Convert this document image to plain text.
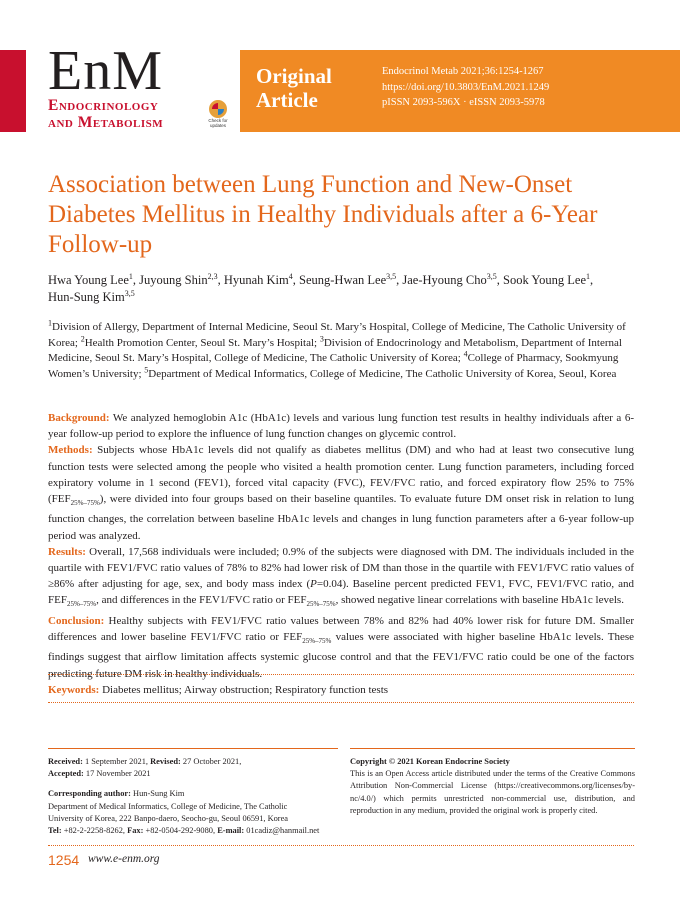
EnM
Endocrinology
and Metabolism	Check for updates
Original
Article
Endocrinol Metab 2021;36:1254-1267
https://doi.org/10.3803/EnM.2021.1249
pISSN 2093-596X · eISSN 2093-5978
Association between Lung Function and New-Onset Diabetes Mellitus in Healthy Individuals after a 6-Year Follow-up
Hwa Young Lee$^1$, Juyoung Shin$^{2,3}$, Hyunah Kim$^4$, Seung-Hwan Lee$^{3,5}$, Jae-Hyoung Cho$^{3,5}$, Sook Young Lee$^1$,
Hun-Sung Kim$^{3,5}$
$^1$Division of Allergy, Department of Internal Medicine, Seoul St. Mary’s Hospital, College of Medicine, The Catholic University of Korea; $^2$Health Promotion Center, Seoul St. Mary’s Hospital; $^3$Division of Endocrinology and Metabolism, Department of Internal Medicine, Seoul St. Mary’s Hospital, College of Medicine, The Catholic University of Korea; $^4$College of Pharmacy, Sookmyung Women’s University; $^5$Department of Medical Informatics, College of Medicine, The Catholic University of Korea, Seoul, Korea

Background: We analyzed hemoglobin A1c (HbA1c) levels and various lung function test results in healthy individuals after a 6-year follow-up period to explore the influence of lung function changes on glycemic control.

Methods: Subjects whose HbA1c levels did not qualify as diabetes mellitus (DM) and who had at least two consecutive lung function tests were selected among the people who visited a health promotion center. Lung function parameters, including forced expiratory volume in 1 second (FEV1), forced vital capacity (FVC), FEV/FVC ratio, and forced expiratory flow 25% to 75% $(FEF_{25\%-75\%})$, were divided into four groups based on their baseline quantiles. To evaluate future DM onset risk in relation to lung function changes, the correlation between baseline HbA1c levels and changes in lung function parameters after a 6-year follow-up period was analyzed.

Results: Overall, 17,568 individuals were included; 0.9% of the subjects were diagnosed with DM. The individuals included in the quartile with FEV1/FVC ratio values of 78% to 82% had lower risk of DM than those in the quartile with FEV1/FVC ratio values of ≥86% after adjusting for age, sex, and body mass index (P=0.04). Baseline percent predicted FEV1, FVC, FEV1/FVC ratio, and $FEF_{25\%-75\%}$, and differences in the FEV1/FVC ratio or $FEF_{25\%-75\%}$, showed negative linear correlations with baseline HbA1c levels.

Conclusion: Healthy subjects with FEV1/FVC ratio values between 78% and 82% had 40% lower risk for future DM. Smaller differences and lower baseline FEV1/FVC ratio or $FEF_{25\%-75\%}$ values were associated with higher baseline HbA1c levels. These findings suggest that airflow limitation affects systemic glucose control and that the FEV1/FVC ratio could be one of the factors predicting future DM risk in healthy individuals.

Keywords: Diabetes mellitus; Airway obstruction; Respiratory function tests

Received: 1 September 2021, Revised: 27 October 2021,

Accepted: 17 November 2021

Corresponding author: Hun-Sung Kim

Department of Medical Informatics, College of Medicine, The Catholic

University of Korea, 222 Banpo-daero, Seocho-gu, Seoul 06591, Korea

Tel: +82-2-2258-8262, Fax: +82-0504-292-9080, E-mail: 01cadiz@hanmail.net

Copyright © 2021 Korean Endocrine Society

This is an Open Access article distributed under the terms of the Creative Commons Attribution Non-Commercial License (https://creativecommons.org/licenses/by-nc/4.0/) which permits unrestricted non-commercial use, distribution, and reproduction in any medium, provided the original work is properly cited.

1254 www.e-enm.org
